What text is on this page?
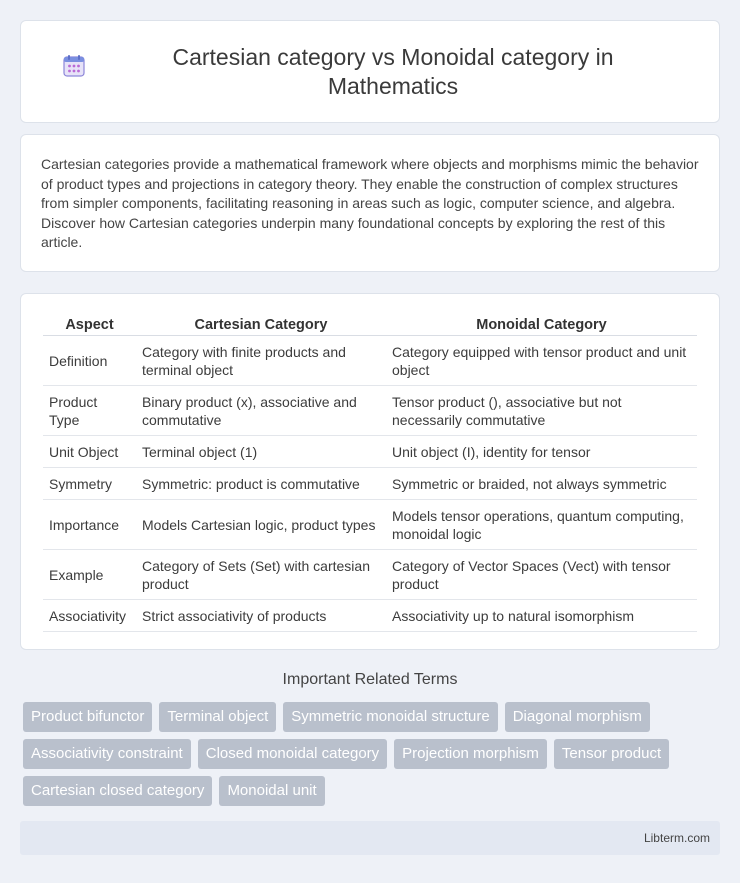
Cartesian category vs Monoidal category in Mathematics

Cartesian categories provide a mathematical framework where objects and morphisms mimic the behavior of product types and projections in category theory. They enable the construction of complex structures from simpler components, facilitating reasoning in areas such as logic, computer science, and algebra. Discover how Cartesian categories underpin many foundational concepts by exploring the rest of this article.

Aspect	Cartesian Category	Monoidal Category
Definition	Category with finite products and terminal object	Category equipped with tensor product and unit object
Product Type	Binary product (x), associative and commutative	Tensor product (), associative but not necessarily commutative
Unit Object	Terminal object (1)	Unit object (I), identity for tensor
Symmetry	Symmetric: product is commutative	Symmetric or braided, not always symmetric
Importance	Models Cartesian logic, product types	Models tensor operations, quantum computing, monoidal logic
Example	Category of Sets (Set) with cartesian product	Category of Vector Spaces (Vect) with tensor product
Associativity	Strict associativity of products	Associativity up to natural isomorphism
Important Related Terms
Product bifunctor	Terminal object	Symmetric monoidal structure	Diagonal morphism
Associativity constraint	Closed monoidal category	Projection morphism	Tensor product
Cartesian closed category	Monoidal unit
Libterm.com
